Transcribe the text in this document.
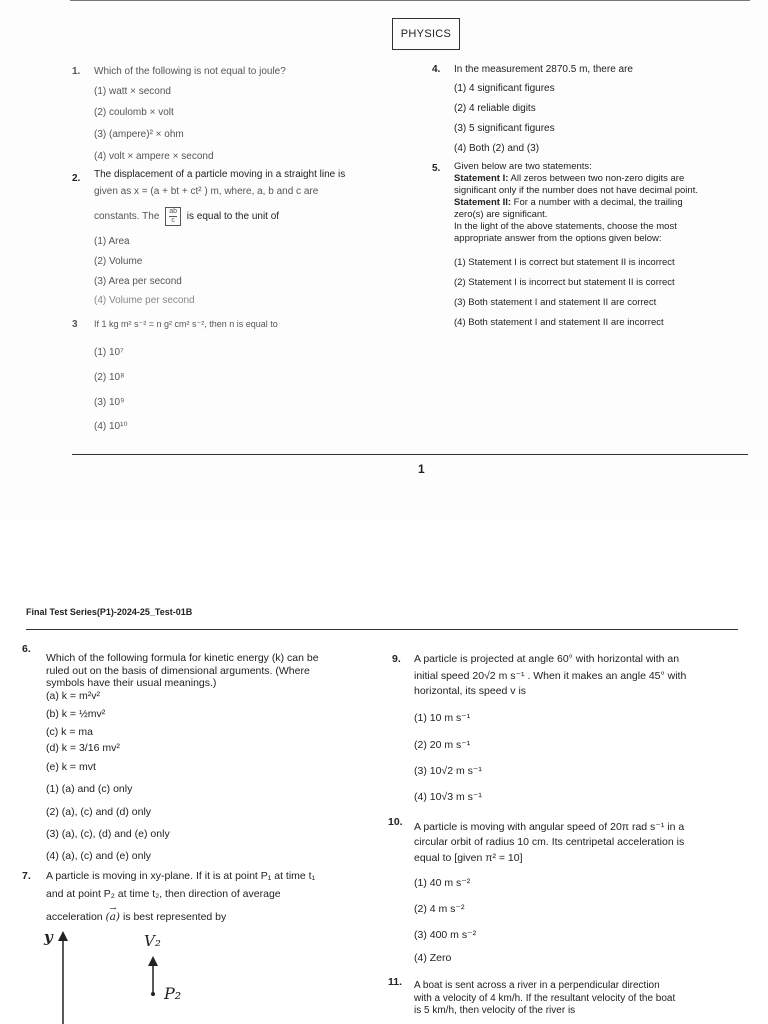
PHYSICS
1. Which of the following is not equal to joule?
(1) watt × second
(2) coulomb × volt
(3) (ampere)² × ohm
(4) volt × ampere × second
2. The displacement of a particle moving in a straight line is
given as x = (a + bt + ct² ) m, where, a, b and c are
constants. The $\frac{ab}{c}$ is equal to the unit of
(1) Area
(2) Volume
(3) Area per second
(4) Volume per second
3 If 1 kg m² s⁻² = n g² cm² s⁻², then n is equal to
(1) 10⁷
(2) 10⁸
(3) 10⁹
(4) 10¹⁰
4. In the measurement 2870.5 m, there are
(1) 4 significant figures
(2) 4 reliable digits
(3) 5 significant figures
(4) Both (2) and (3)
5. Given below are two statements:
Statement I: All zeros between two non-zero digits are
significant only if the number does not have decimal point.
Statement II: For a number with a decimal, the trailing
zero(s) are significant.
In the light of the above statements, choose the most
appropriate answer from the options given below:
(1) Statement I is correct but statement II is incorrect
(2) Statement I is incorrect but statement II is correct
(3) Both statement I and statement II are correct
(4) Both statement I and statement II are incorrect
1
Final Test Series(P1)-2024-25_Test-01B
6.
Which of the following formula for kinetic energy (k) can be
ruled out on the basis of dimensional arguments. (Where
symbols have their usual meanings.)
(a) k = m²v²
(b) k = ½mv²
(c) k = ma
(d) k = 3/16 mv²
(e) k = mvt
(1) (a) and (c) only
(2) (a), (c) and (d) only
(3) (a), (c), (d) and (e) only
(4) (a), (c) and (e) only
7. A particle is moving in xy-plane. If it is at point P₁ at time t₁
and at point P₂ at time t₂, then direction of average
acceleration (
→
a) is best represented by
y	V₂
P₂
9. A particle is projected at angle 60° with horizontal with an
initial speed 20√2 m s⁻¹ . When it makes an angle 45° with
horizontal, its speed v is
(1) 10 m s⁻¹
(2) 20 m s⁻¹
(3) 10√2 m s⁻¹
(4) 10√3 m s⁻¹
10. A particle is moving with angular speed of 20π rad s⁻¹ in a
circular orbit of radius 10 cm. Its centripetal acceleration is
equal to [given π² = 10]
(1) 40 m s⁻²
(2) 4 m s⁻²
(3) 400 m s⁻²
(4) Zero
11. A boat is sent across a river in a perpendicular direction
with a velocity of 4 km/h. If the resultant velocity of the boat
is 5 km/h, then velocity of the river is
